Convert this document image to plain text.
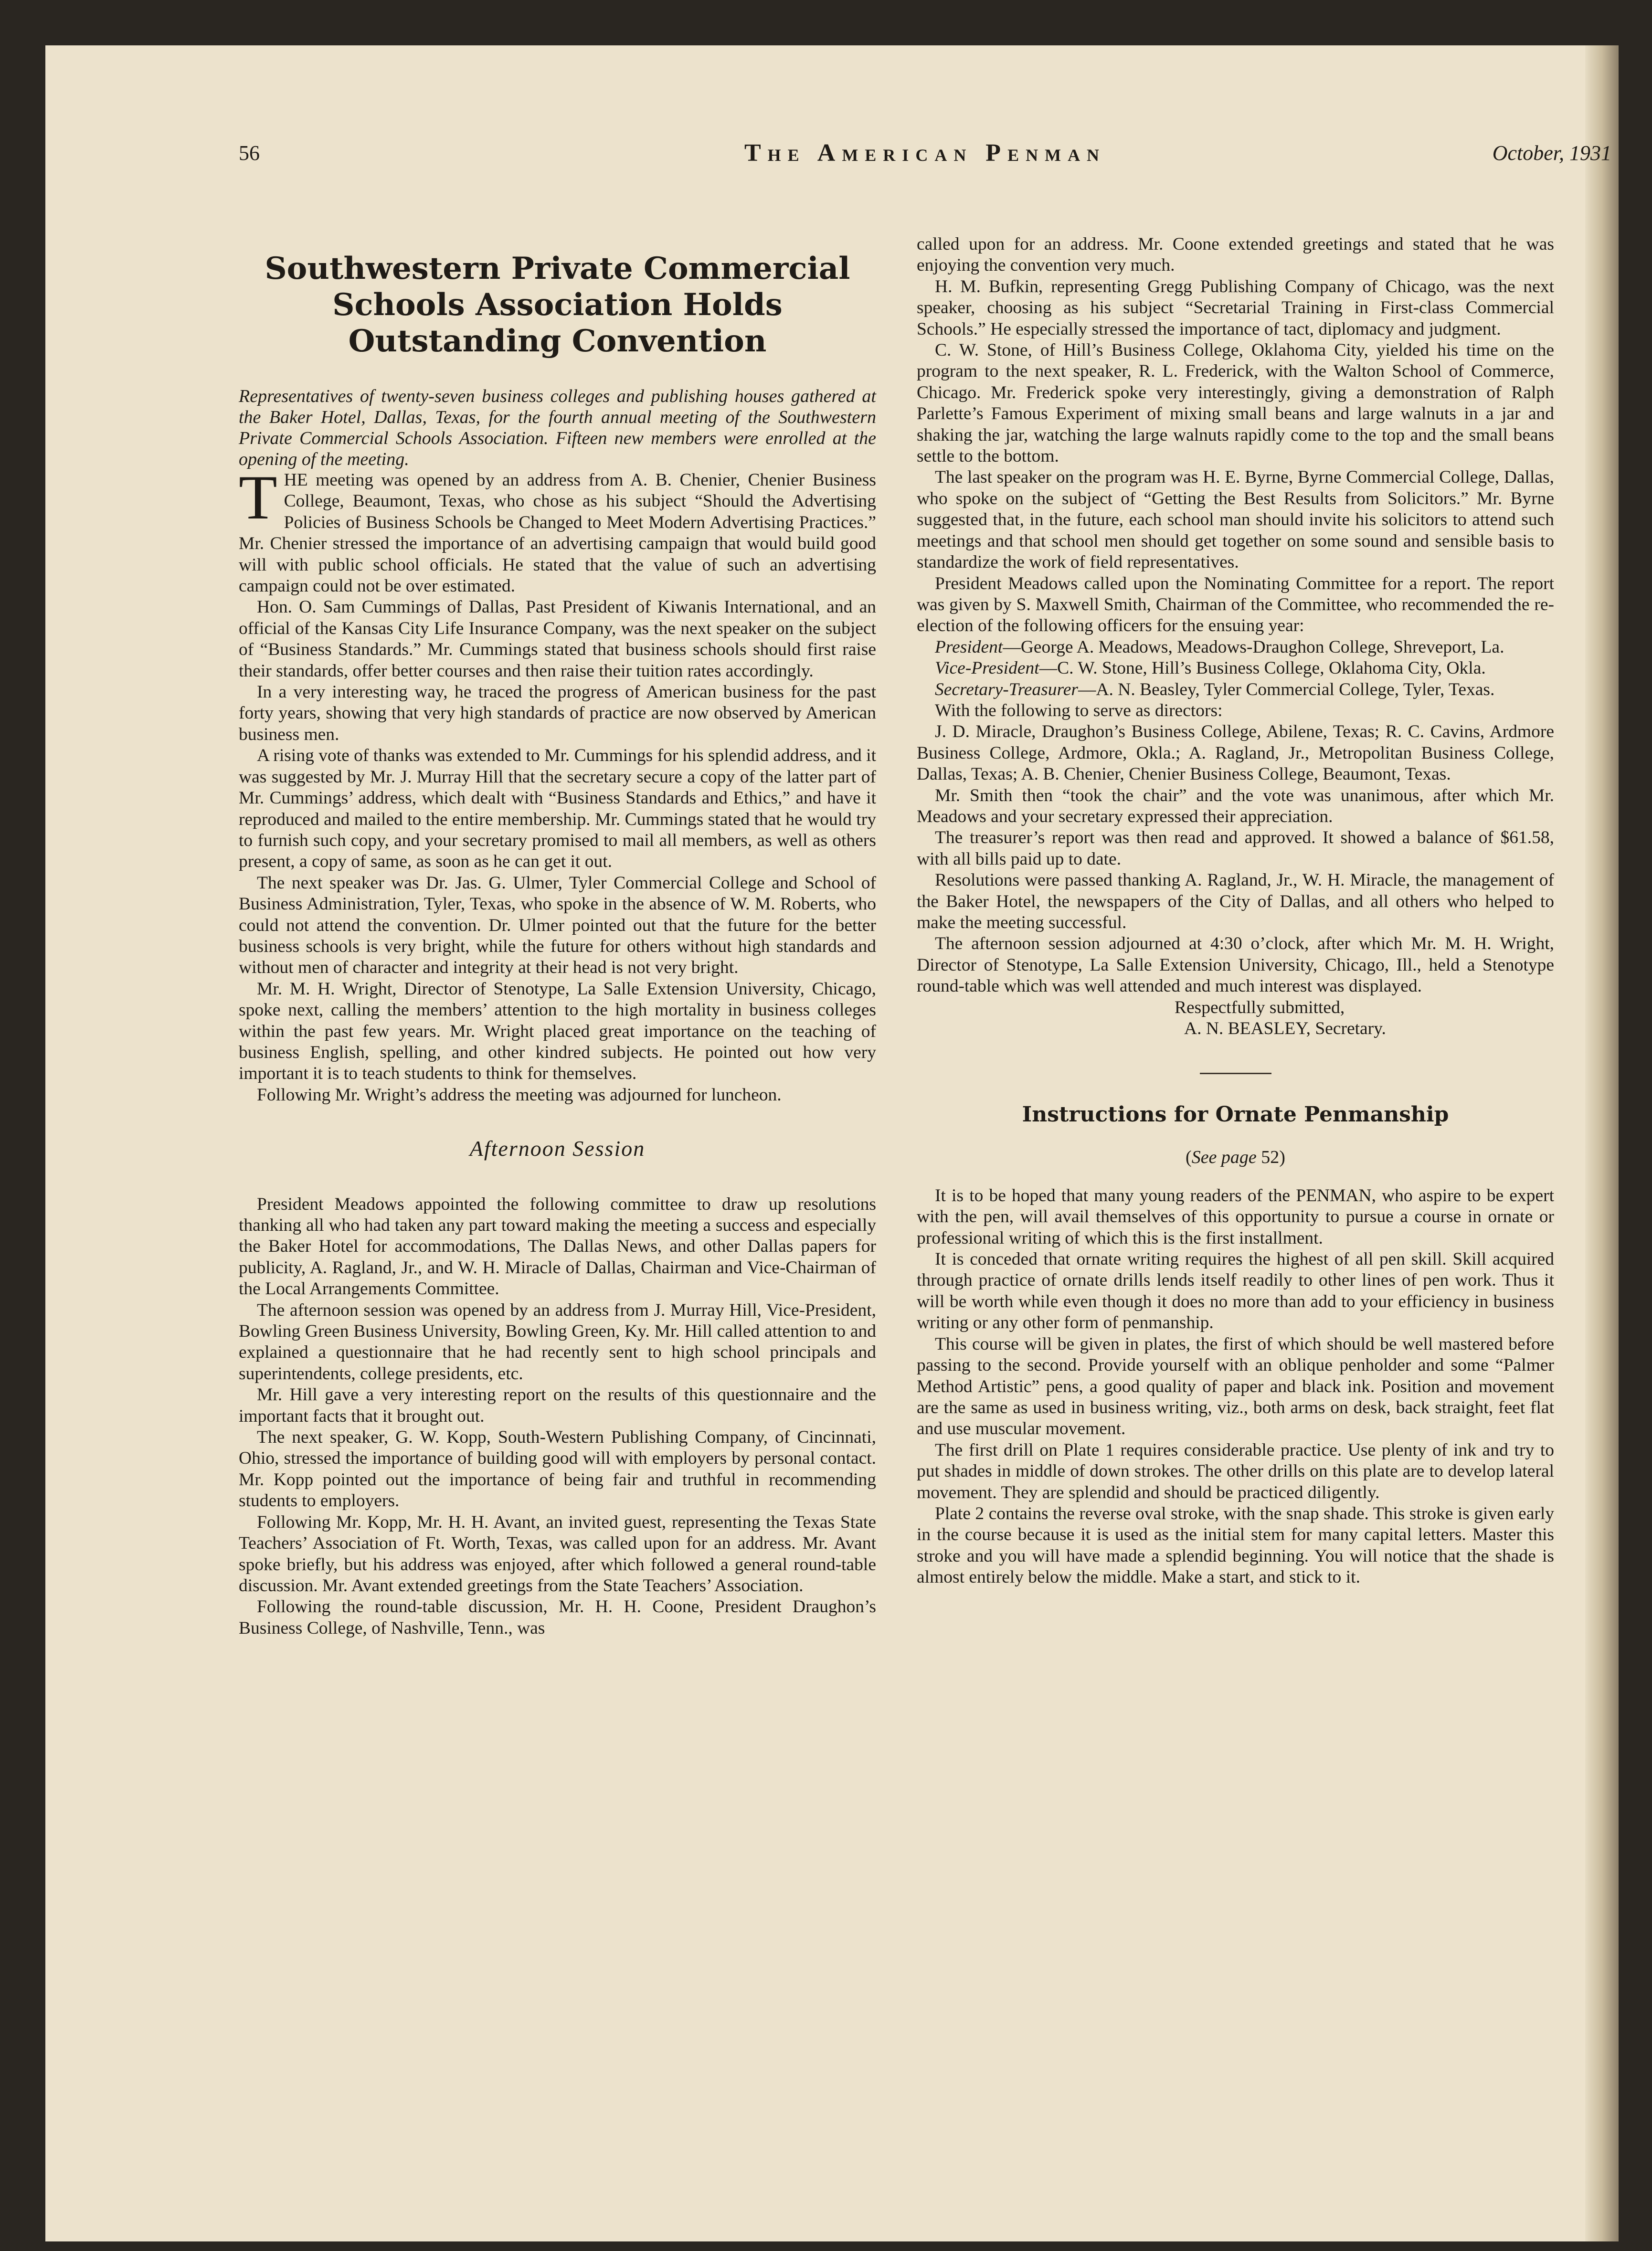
56	The American Penman	October, 1931
Southwestern Private Commercial Schools Association Holds Outstanding Convention

Representatives of twenty-seven business colleges and publishing houses gathered at the Baker Hotel, Dallas, Texas, for the fourth annual meeting of the Southwestern Private Commercial Schools Association. Fifteen new members were enrolled at the opening of the meeting.

THE meeting was opened by an address from A. B. Chenier, Chenier Business College, Beaumont, Texas, who chose as his subject “Should the Advertising Policies of Business Schools be Changed to Meet Modern Advertising Practices.” Mr. Chenier stressed the importance of an advertising campaign that would build good will with public school officials. He stated that the value of such an advertising campaign could not be over estimated.

Hon. O. Sam Cummings of Dallas, Past President of Kiwanis International, and an official of the Kansas City Life Insurance Company, was the next speaker on the subject of “Business Standards.” Mr. Cummings stated that business schools should first raise their standards, offer better courses and then raise their tuition rates accordingly.

In a very interesting way, he traced the progress of American business for the past forty years, showing that very high standards of practice are now observed by American business men.

A rising vote of thanks was extended to Mr. Cummings for his splendid address, and it was suggested by Mr. J. Murray Hill that the secretary secure a copy of the latter part of Mr. Cummings’ address, which dealt with “Business Standards and Ethics,” and have it reproduced and mailed to the entire membership. Mr. Cummings stated that he would try to furnish such copy, and your secretary promised to mail all members, as well as others present, a copy of same, as soon as he can get it out.

The next speaker was Dr. Jas. G. Ulmer, Tyler Commercial College and School of Business Administration, Tyler, Texas, who spoke in the absence of W. M. Roberts, who could not attend the convention. Dr. Ulmer pointed out that the future for the better business schools is very bright, while the future for others without high standards and without men of character and integrity at their head is not very bright.

Mr. M. H. Wright, Director of Stenotype, La Salle Extension University, Chicago, spoke next, calling the members’ attention to the high mortality in business colleges within the past few years. Mr. Wright placed great importance on the teaching of business English, spelling, and other kindred subjects. He pointed out how very important it is to teach students to think for themselves.

Following Mr. Wright’s address the meeting was adjourned for luncheon.

Afternoon Session

President Meadows appointed the following committee to draw up resolutions thanking all who had taken any part toward making the meeting a success and especially the Baker Hotel for accommodations, The Dallas News, and other Dallas papers for publicity, A. Ragland, Jr., and W. H. Miracle of Dallas, Chairman and Vice-Chairman of the Local Arrangements Committee.

The afternoon session was opened by an address from J. Murray Hill, Vice-President, Bowling Green Business University, Bowling Green, Ky. Mr. Hill called attention to and explained a questionnaire that he had recently sent to high school principals and superintendents, college presidents, etc.

Mr. Hill gave a very interesting report on the results of this questionnaire and the important facts that it brought out.

The next speaker, G. W. Kopp, South-Western Publishing Company, of Cincinnati, Ohio, stressed the importance of building good will with employers by personal contact. Mr. Kopp pointed out the importance of being fair and truthful in recommending students to employers.

Following Mr. Kopp, Mr. H. H. Avant, an invited guest, representing the Texas State Teachers’ Association of Ft. Worth, Texas, was called upon for an address. Mr. Avant spoke briefly, but his address was enjoyed, after which followed a general round-table discussion. Mr. Avant extended greetings from the State Teachers’ Association.

Following the round-table discussion, Mr. H. H. Coone, President Draughon’s Business College, of Nashville, Tenn., was

called upon for an address. Mr. Coone extended greetings and stated that he was enjoying the convention very much.

H. M. Bufkin, representing Gregg Publishing Company of Chicago, was the next speaker, choosing as his subject “Secretarial Training in First-class Commercial Schools.” He especially stressed the importance of tact, diplomacy and judgment.

C. W. Stone, of Hill’s Business College, Oklahoma City, yielded his time on the program to the next speaker, R. L. Frederick, with the Walton School of Commerce, Chicago. Mr. Frederick spoke very interestingly, giving a demonstration of Ralph Parlette’s Famous Experiment of mixing small beans and large walnuts in a jar and shaking the jar, watching the large walnuts rapidly come to the top and the small beans settle to the bottom.

The last speaker on the program was H. E. Byrne, Byrne Commercial College, Dallas, who spoke on the subject of “Getting the Best Results from Solicitors.” Mr. Byrne suggested that, in the future, each school man should invite his solicitors to attend such meetings and that school men should get together on some sound and sensible basis to standardize the work of field representatives.

President Meadows called upon the Nominating Committee for a report. The report was given by S. Maxwell Smith, Chairman of the Committee, who recommended the re-election of the following officers for the ensuing year:

President—George A. Meadows, Meadows-Draughon College, Shreveport, La.

Vice-President—C. W. Stone, Hill’s Business College, Oklahoma City, Okla.

Secretary-Treasurer—A. N. Beasley, Tyler Commercial College, Tyler, Texas.

With the following to serve as directors:

J. D. Miracle, Draughon’s Business College, Abilene, Texas; R. C. Cavins, Ardmore Business College, Ardmore, Okla.; A. Ragland, Jr., Metropolitan Business College, Dallas, Texas; A. B. Chenier, Chenier Business College, Beaumont, Texas.

Mr. Smith then “took the chair” and the vote was unanimous, after which Mr. Meadows and your secretary expressed their appreciation.

The treasurer’s report was then read and approved. It showed a balance of $61.58, with all bills paid up to date.

Resolutions were passed thanking A. Ragland, Jr., W. H. Miracle, the management of the Baker Hotel, the newspapers of the City of Dallas, and all others who helped to make the meeting successful.

The afternoon session adjourned at 4:30 o’clock, after which Mr. M. H. Wright, Director of Stenotype, La Salle Extension University, Chicago, Ill., held a Stenotype round-table which was well attended and much interest was displayed.

Respectfully submitted,
A. N. BEASLEY, Secretary.
Instructions for Ornate Penmanship
(See page 52)

It is to be hoped that many young readers of the PENMAN, who aspire to be expert with the pen, will avail themselves of this opportunity to pursue a course in ornate or professional writing of which this is the first installment.

It is conceded that ornate writing requires the highest of all pen skill. Skill acquired through practice of ornate drills lends itself readily to other lines of pen work. Thus it will be worth while even though it does no more than add to your efficiency in business writing or any other form of penmanship.

This course will be given in plates, the first of which should be well mastered before passing to the second. Provide yourself with an oblique penholder and some “Palmer Method Artistic” pens, a good quality of paper and black ink. Position and movement are the same as used in business writing, viz., both arms on desk, back straight, feet flat and use muscular movement.

The first drill on Plate 1 requires considerable practice. Use plenty of ink and try to put shades in middle of down strokes. The other drills on this plate are to develop lateral movement. They are splendid and should be practiced diligently.

Plate 2 contains the reverse oval stroke, with the snap shade. This stroke is given early in the course because it is used as the initial stem for many capital letters. Master this stroke and you will have made a splendid beginning. You will notice that the shade is almost entirely below the middle. Make a start, and stick to it.
